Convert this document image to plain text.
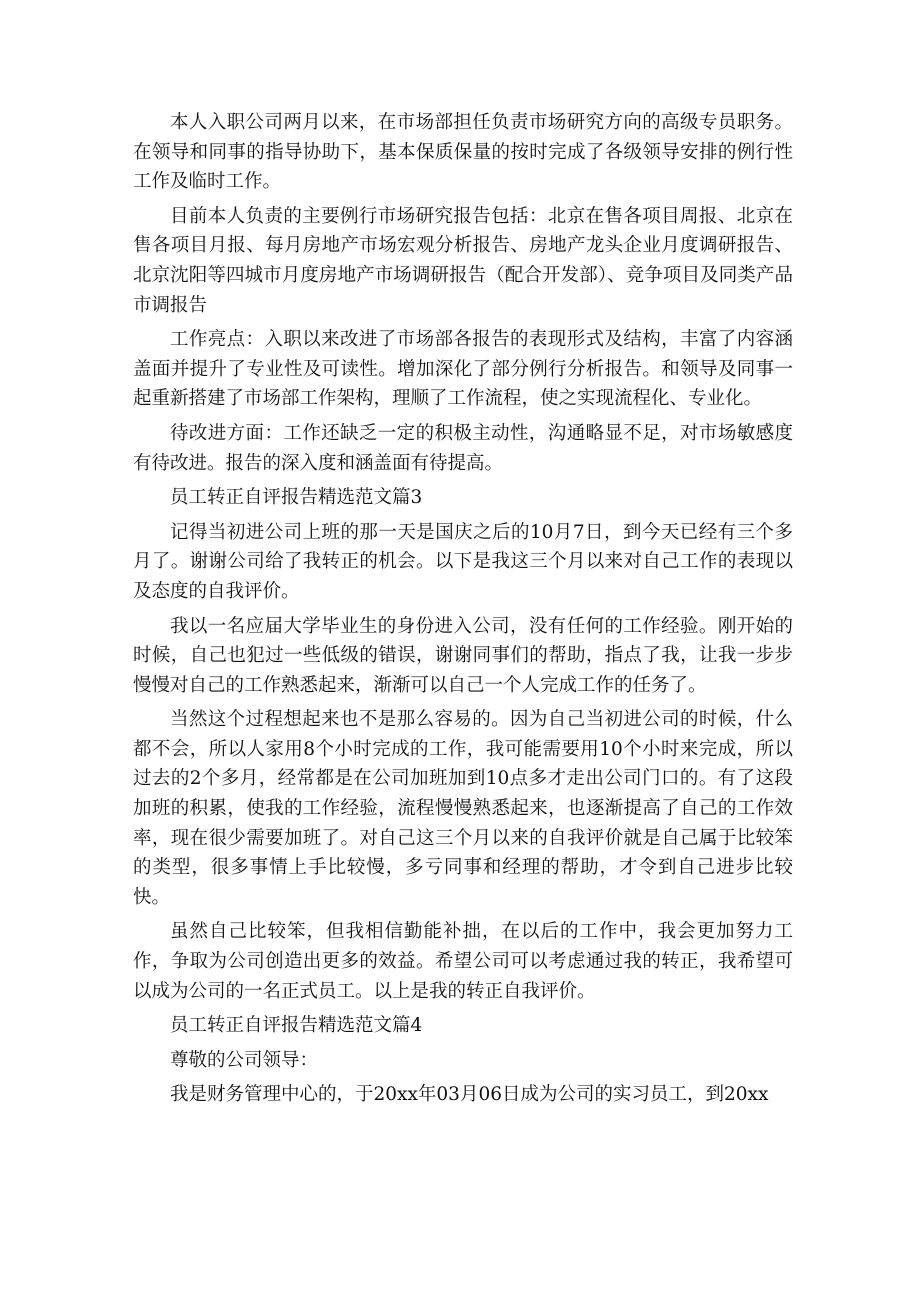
本人入职公司两月以来，在市场部担任负责市场研究方向的高级专员职务。在领导和同事的指导协助下，基本保质保量的按时完成了各级领导安排的例行性工作及临时工作。

目前本人负责的主要例行市场研究报告包括：北京在售各项目周报、北京在售各项目月报、每月房地产市场宏观分析报告、房地产龙头企业月度调研报告、北京沈阳等四城市月度房地产市场调研报告（配合开发部）、竞争项目及同类产品市调报告

工作亮点：入职以来改进了市场部各报告的表现形式及结构，丰富了内容涵盖面并提升了专业性及可读性。增加深化了部分例行分析报告。和领导及同事一起重新搭建了市场部工作架构，理顺了工作流程，使之实现流程化、专业化。

待改进方面：工作还缺乏一定的积极主动性，沟通略显不足，对市场敏感度有待改进。报告的深入度和涵盖面有待提高。

员工转正自评报告精选范文篇3

记得当初进公司上班的那一天是国庆之后的10月7日，到今天已经有三个多月了。谢谢公司给了我转正的机会。以下是我这三个月以来对自己工作的表现以及态度的自我评价。

我以一名应届大学毕业生的身份进入公司，没有任何的工作经验。刚开始的时候，自己也犯过一些低级的错误，谢谢同事们的帮助，指点了我，让我一步步慢慢对自己的工作熟悉起来，渐渐可以自己一个人完成工作的任务了。

当然这个过程想起来也不是那么容易的。因为自己当初进公司的时候，什么都不会，所以人家用8个小时完成的工作，我可能需要用10个小时来完成，所以过去的2个多月，经常都是在公司加班加到10点多才走出公司门口的。有了这段加班的积累，使我的工作经验，流程慢慢熟悉起来，也逐渐提高了自己的工作效率，现在很少需要加班了。对自己这三个月以来的自我评价就是自己属于比较笨的类型，很多事情上手比较慢，多亏同事和经理的帮助，才令到自己进步比较快。

虽然自己比较笨，但我相信勤能补拙，在以后的工作中，我会更加努力工作，争取为公司创造出更多的效益。希望公司可以考虑通过我的转正，我希望可以成为公司的一名正式员工。以上是我的转正自我评价。

员工转正自评报告精选范文篇4

尊敬的公司领导：

我是财务管理中心的，于20xx年03月06日成为公司的实习员工，到20xx
